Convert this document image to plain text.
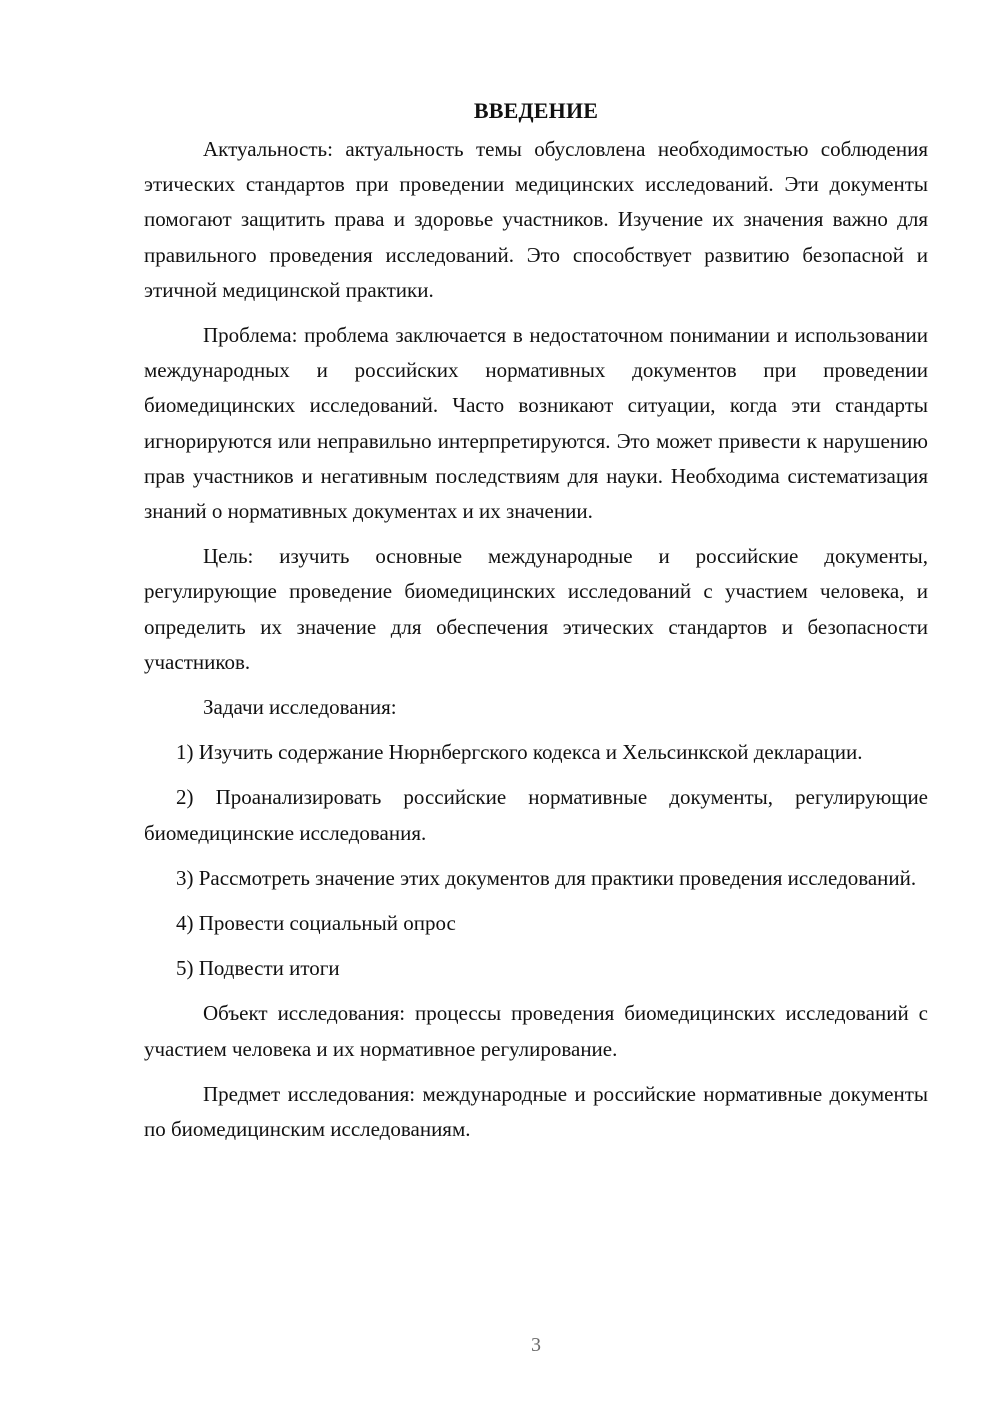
ВВЕДЕНИЕ

Актуальность: актуальность темы обусловлена необходимостью соблюдения этических стандартов при проведении медицинских исследований. Эти документы помогают защитить права и здоровье участников. Изучение их значения важно для правильного проведения исследований. Это способствует развитию безопасной и этичной медицинской практики.

Проблема: проблема заключается в недостаточном понимании и использовании международных и российских нормативных документов при проведении биомедицинских исследований. Часто возникают ситуации, когда эти стандарты игнорируются или неправильно интерпретируются. Это может привести к нарушению прав участников и негативным последствиям для науки. Необходима систематизация знаний о нормативных документах и их значении.

Цель: изучить основные международные и российские документы, регулирующие проведение биомедицинских исследований с участием человека, и определить их значение для обеспечения этических стандартов и безопасности участников.

Задачи исследования:

1) Изучить содержание Нюрнбергского кодекса и Хельсинкской декларации.

2) Проанализировать российские нормативные документы, регулирующие биомедицинские исследования.

3) Рассмотреть значение этих документов для практики проведения исследований.

4) Провести социальный опрос

5) Подвести итоги

Объект исследования: процессы проведения биомедицинских исследований с участием человека и их нормативное регулирование.

Предмет исследования: международные и российские нормативные документы по биомедицинским исследованиям.

3
